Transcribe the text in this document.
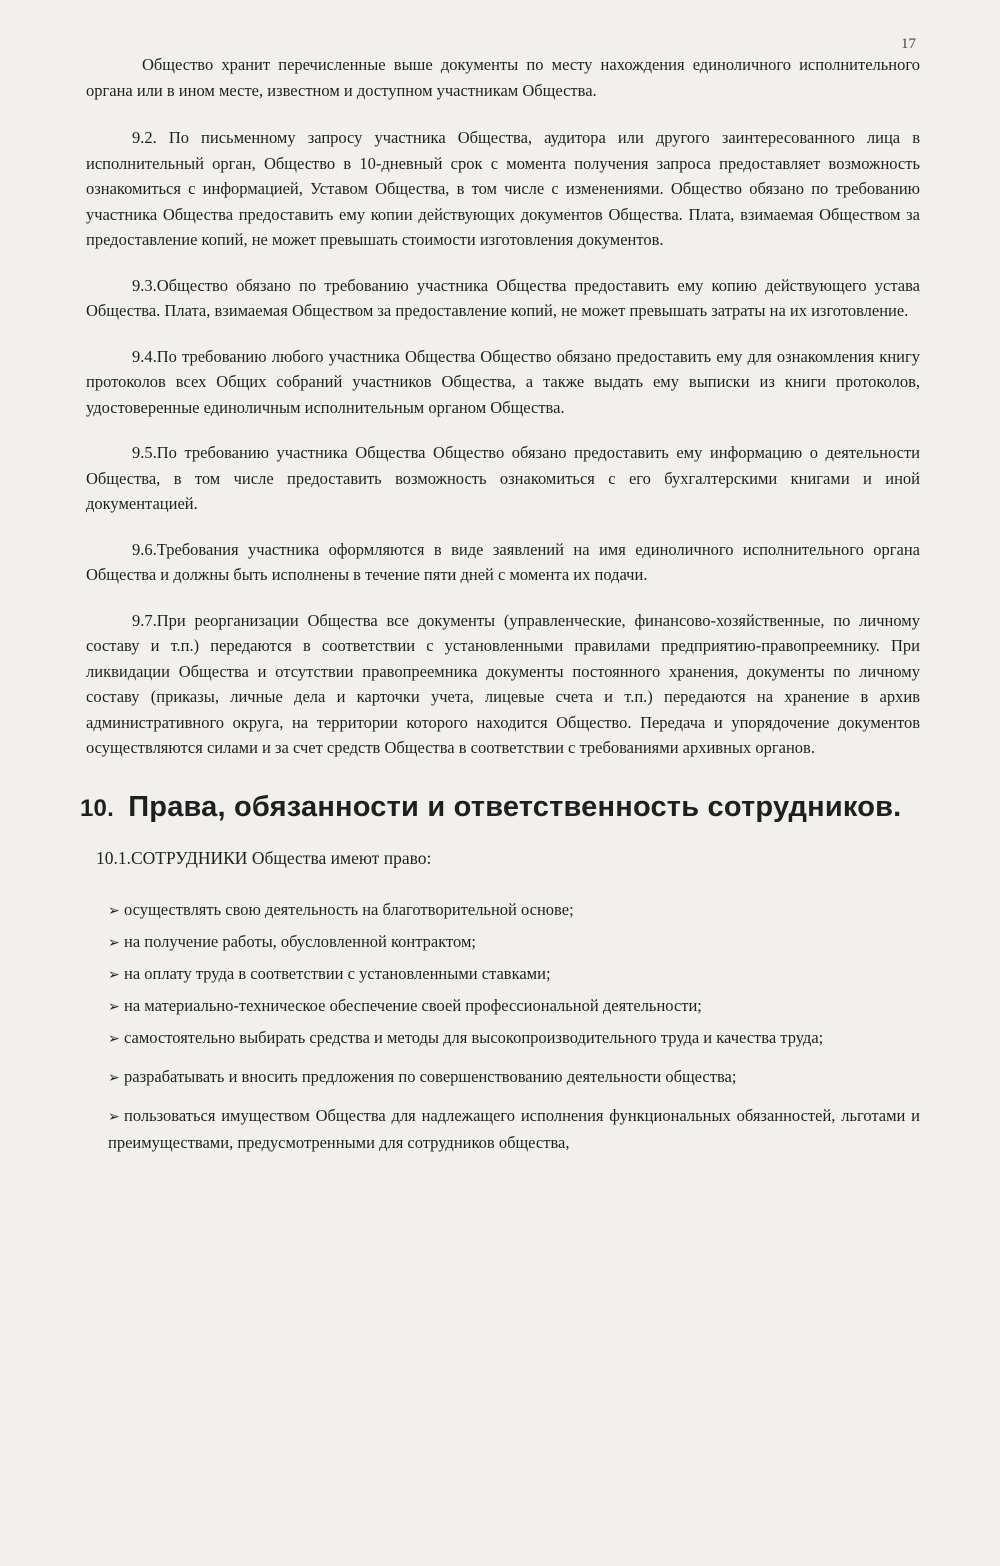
17

Общество хранит перечисленные выше документы по месту нахождения единоличного исполнительного органа или в ином месте, известном и доступном участникам Общества.

9.2. По письменному запросу участника Общества, аудитора или другого заинтересованного лица в исполнительный орган, Общество в 10-дневный срок с момента получения запроса предоставляет возможность ознакомиться с информацией, Уставом Общества, в том числе с изменениями. Общество обязано по требованию участника Общества предоставить ему копии действующих документов Общества. Плата, взимаемая Обществом за предоставление копий, не может превышать стоимости изготовления документов.

9.3.Общество обязано по требованию участника Общества предоставить ему копию действующего устава Общества. Плата, взимаемая Обществом за предоставление копий, не может превышать затраты на их изготовление.

9.4.По требованию любого участника Общества Общество обязано предоставить ему для ознакомления книгу протоколов всех Общих собраний участников Общества, а также выдать ему выписки из книги протоколов, удостоверенные единоличным исполнительным органом Общества.

9.5.По требованию участника Общества Общество обязано предоставить ему информацию о деятельности Общества, в том числе предоставить возможность ознакомиться с его бухгалтерскими книгами и иной документацией.

9.6.Требования участника оформляются в виде заявлений на имя единоличного исполнительного органа Общества и должны быть исполнены в течение пяти дней с момента их подачи.

9.7.При реорганизации Общества все документы (управленческие, финансово-хозяйственные, по личному составу и т.п.) передаются в соответствии с установленными правилами предприятию-правопреемнику. При ликвидации Общества и отсутствии правопреемника документы постоянного хранения, документы по личному составу (приказы, личные дела и карточки учета, лицевые счета и т.п.) передаются на хранение в архив административного округа, на территории которого находится Общество. Передача и упорядочение документов осуществляются силами и за счет средств Общества в соответствии с требованиями архивных органов.

10. Права, обязанности и ответственность сотрудников.
10.1.СОТРУДНИКИ Общества имеют право:
➢ осуществлять свою деятельность на благотворительной основе;
➢ на получение работы, обусловленной контрактом;
➢ на оплату труда в соответствии с установленными ставками;
➢ на материально-техническое обеспечение своей профессиональной деятельности;
➢ самостоятельно выбирать средства и методы для высокопроизводительного труда и качества труда;
➢ разрабатывать и вносить предложения по совершенствованию деятельности общества;
➢ пользоваться имуществом Общества для надлежащего исполнения функциональных обязанностей, льготами и преимуществами, предусмотренными для сотрудников общества,
